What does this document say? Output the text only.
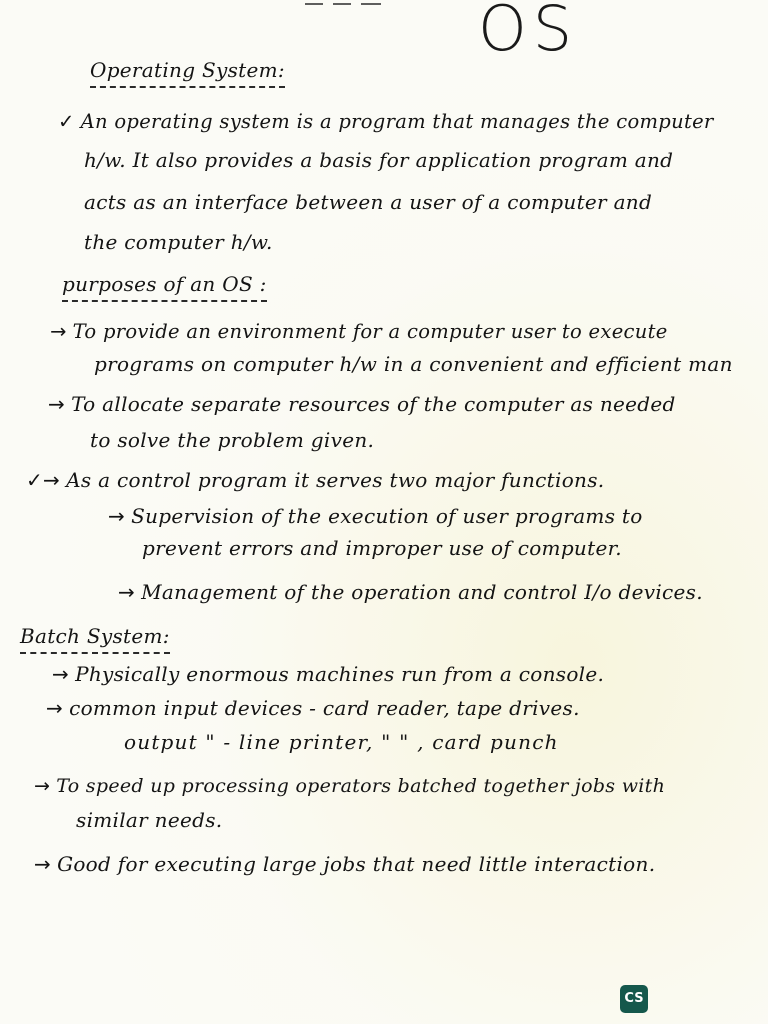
OS
Operating System:
✓ An operating system is a program that manages the computer
h/w. It also provides a basis for application program and
acts as an interface between a user of a computer and
the computer h/w.
purposes of an OS :
→ To provide an environment for a computer user to execute
programs on computer h/w in a convenient and efficient man
→ To allocate separate resources of the computer as needed
to solve the problem given.
✓→ As a control program it serves two major functions.
→ Supervision of the execution of user programs to
prevent errors and improper use of computer.
→ Management of the operation and control I/o devices.
Batch System:
→ Physically enormous machines run from a console.
→ common input devices - card reader, tape drives.
output " - line printer, " " , card punch
→ To speed up processing operators batched together jobs with
similar needs.
→ Good for executing large jobs that need little interaction.
CS
